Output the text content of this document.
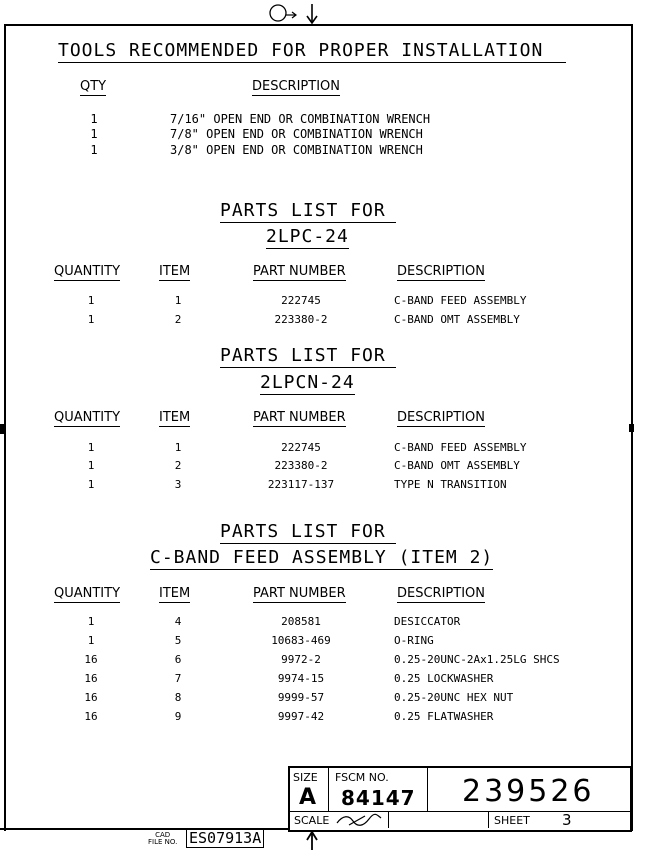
TOOLS RECOMMENDED FOR PROPER INSTALLATION
QTY	DESCRIPTION
1	7/16" OPEN END OR COMBINATION WRENCH
1	7/8" OPEN END OR COMBINATION WRENCH
1	3/8" OPEN END OR COMBINATION WRENCH
PARTS LIST FOR
2LPC-24
QUANTITY	ITEM	PART NUMBER	DESCRIPTION
1	1	222745	C-BAND FEED ASSEMBLY
1	2	223380-2	C-BAND OMT ASSEMBLY
PARTS LIST FOR
2LPCN-24
QUANTITY	ITEM	PART NUMBER	DESCRIPTION
1	1	222745	C-BAND FEED ASSEMBLY
1	2	223380-2	C-BAND OMT ASSEMBLY
1	3	223117-137	TYPE N TRANSITION
PARTS LIST FOR
C-BAND FEED ASSEMBLY (ITEM 2)
QUANTITY	ITEM	PART NUMBER	DESCRIPTION
1	4	208581	DESICCATOR
1	5	10683-469	O-RING
16	6	9972-2	0.25-20UNC-2Ax1.25LG SHCS
16	7	9974-15	0.25 LOCKWASHER
16	8	9999-57	0.25-20UNC HEX NUT
16	9	9997-42	0.25 FLATWASHER
SIZE
A
FSCM NO.
84147 239526
SCALE	SHEET 3
CAD
FILE NO. ES07913A
